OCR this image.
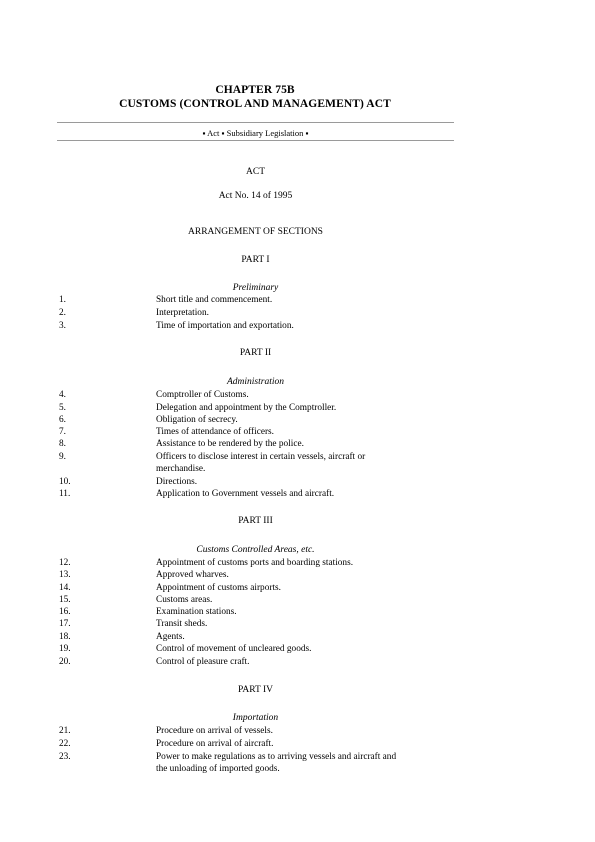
CHAPTER 75B
CUSTOMS (CONTROL AND MANAGEMENT) ACT
▪ Act ▪ Subsidiary Legislation ▪
ACT
Act No. 14 of 1995
ARRANGEMENT OF SECTIONS
PART I
Preliminary
1.	Short title and commencement.
2.	Interpretation.
3.	Time of importation and exportation.
PART II
Administration
4.	Comptroller of Customs.
5.	Delegation and appointment by the Comptroller.
6.	Obligation of secrecy.
7.	Times of attendance of officers.
8.	Assistance to be rendered by the police.
9.	Officers to disclose interest in certain vessels, aircraft or
merchandise.
10.	Directions.
11.	Application to Government vessels and aircraft.
PART III
Customs Controlled Areas, etc.
12.	Appointment of customs ports and boarding stations.
13.	Approved wharves.
14.	Appointment of customs airports.
15.	Customs areas.
16.	Examination stations.
17.	Transit sheds.
18.	Agents.
19.	Control of movement of uncleared goods.
20.	Control of pleasure craft.
PART IV
Importation
21.	Procedure on arrival of vessels.
22.	Procedure on arrival of aircraft.
23.	Power to make regulations as to arriving vessels and aircraft and
the unloading of imported goods.
